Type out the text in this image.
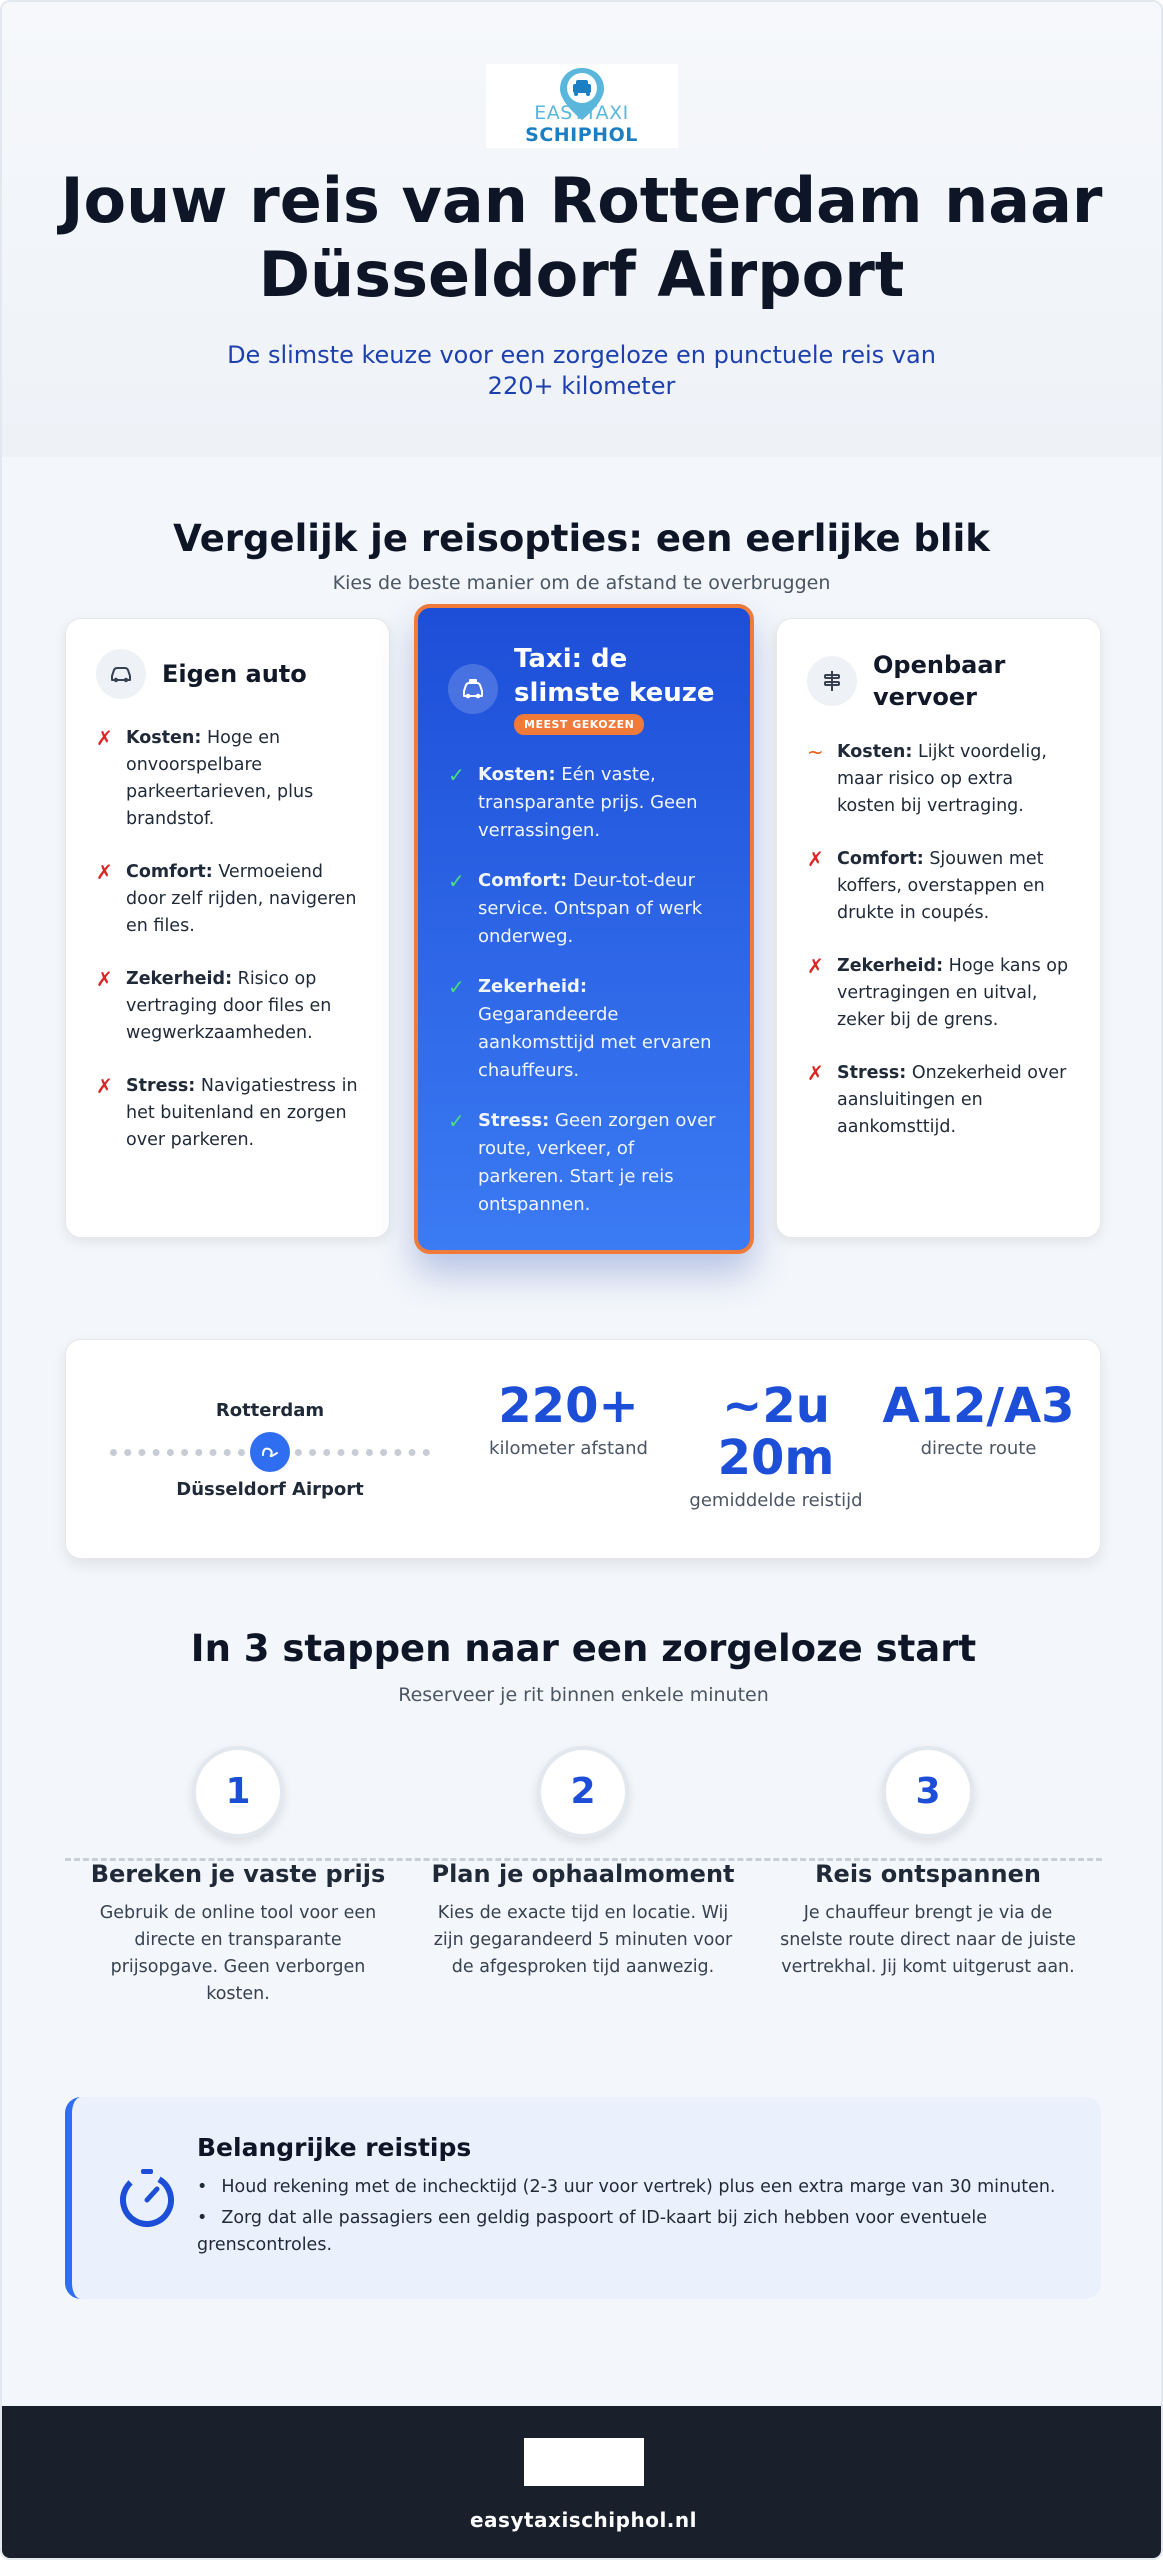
EASYTAXI SCHIPHOL
Jouw reis van Rotterdam naar
Düsseldorf Airport

De slimste keuze voor een zorgeloze en punctuele reis van 220+ kilometer

Vergelijk je reisopties: een eerlijke blik

Kies de beste manier om de afstand te overbruggen

Eigen auto
✗ Kosten: Hoge en onvoorspelbare parkeertarieven, plus brandstof.
✗ Comfort: Vermoeiend door zelf rijden, navigeren en files.
✗ Zekerheid: Risico op vertraging door files en wegwerkzaamheden.
✗ Stress: Navigatiestress in het buitenland en zorgen over parkeren.
Taxi: de slimste keuze
MEEST GEKOZEN
✓ Kosten: Eén vaste, transparante prijs. Geen verrassingen.
✓ Comfort: Deur-tot-deur service. Ontspan of werk onderweg.
✓ Zekerheid: Gegarandeerde aankomsttijd met ervaren chauffeurs.
✓ Stress: Geen zorgen over route, verkeer, of parkeren. Start je reis ontspannen.
Openbaar vervoer
~ Kosten: Lijkt voordelig, maar risico op extra kosten bij vertraging.
✗ Comfort: Sjouwen met koffers, overstappen en drukte in coupés.
✗ Zekerheid: Hoge kans op vertragingen en uitval, zeker bij de grens.
✗ Stress: Onzekerheid over aansluitingen en aankomsttijd.
Rotterdam
Düsseldorf Airport
220+
kilometer afstand
~2u
20m
gemiddelde reistijd
A12/A3
directe route
In 3 stappen naar een zorgeloze start

Reserveer je rit binnen enkele minuten

1
Bereken je vaste prijs

Gebruik de online tool voor een directe en transparante prijsopgave. Geen verborgen kosten.

2
Plan je ophaalmoment

Kies de exacte tijd en locatie. Wij zijn gegarandeerd 5 minuten voor de afgesproken tijd aanwezig.

3
Reis ontspannen

Je chauffeur brengt je via de snelste route direct naar de juiste vertrekhal. Jij komt uitgerust aan.

Belangrijke reistips
• Houd rekening met de inchecktijd (2-3 uur voor vertrek) plus een extra marge van 30 minuten.
• Zorg dat alle passagiers een geldig paspoort of ID-kaart bij zich hebben voor eventuele grenscontroles.
easytaxischiphol.nl
